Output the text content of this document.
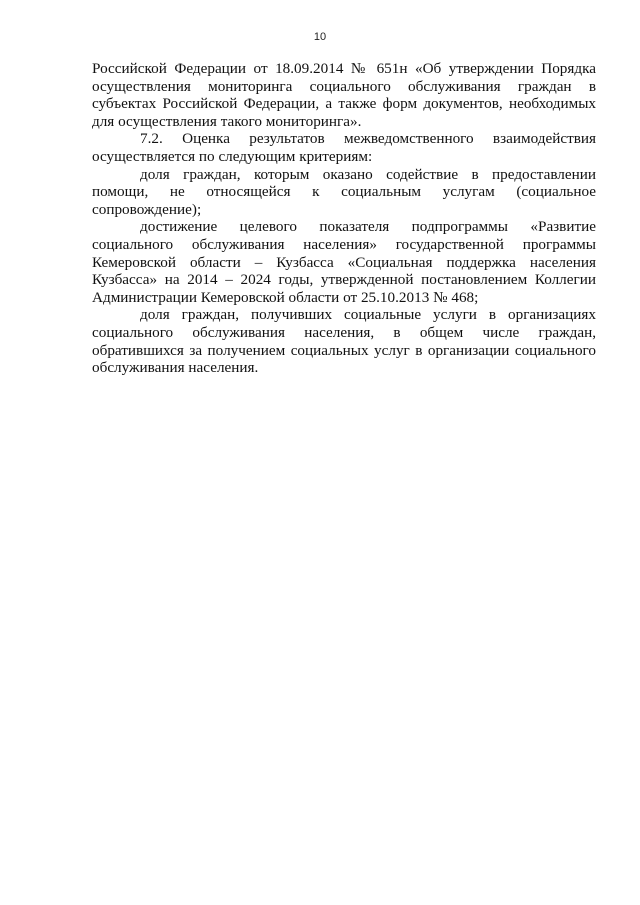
10

Российской Федерации от 18.09.2014 № 651н «Об утверждении Порядка осуществления мониторинга социального обслуживания граждан в субъектах Российской Федерации, а также форм документов, необходимых для осуществления такого мониторинга».

7.2. Оценка результатов межведомственного взаимодействия осуществляется по следующим критериям:

доля граждан, которым оказано содействие в предоставлении помощи, не относящейся к социальным услугам (социальное сопровождение);

достижение целевого показателя подпрограммы «Развитие социального обслуживания населения» государственной программы Кемеровской области – Кузбасса «Социальная поддержка населения Кузбасса» на 2014 – 2024 годы, утвержденной постановлением Коллегии Администрации Кемеровской области от 25.10.2013 № 468;

доля граждан, получивших социальные услуги в организациях социального обслуживания населения, в общем числе граждан, обратившихся за получением социальных услуг в организации социального обслуживания населения.
